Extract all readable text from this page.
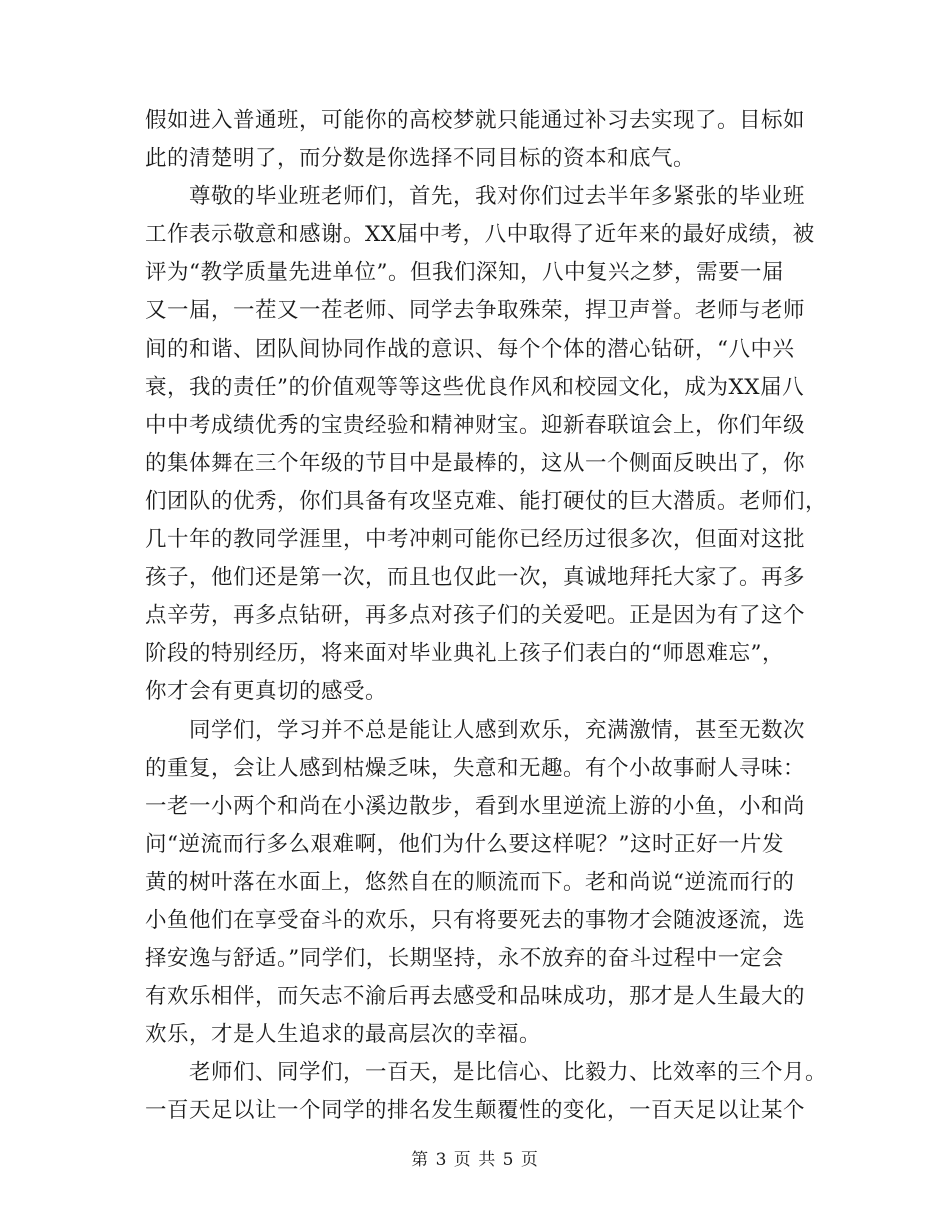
假如进入普通班，可能你的高校梦就只能通过补习去实现了。目标如
此的清楚明了，而分数是你选择不同目标的资本和底气。
尊敬的毕业班老师们，首先，我对你们过去半年多紧张的毕业班
工作表示敬意和感谢。XX届中考，八中取得了近年来的最好成绩，被
评为“教学质量先进单位”。但我们深知，八中复兴之梦，需要一届
又一届，一茬又一茬老师、同学去争取殊荣，捍卫声誉。老师与老师
间的和谐、团队间协同作战的意识、每个个体的潜心钻研，“八中兴
衰，我的责任”的价值观等等这些优良作风和校园文化，成为XX届八
中中考成绩优秀的宝贵经验和精神财宝。迎新春联谊会上，你们年级
的集体舞在三个年级的节目中是最棒的，这从一个侧面反映出了，你
们团队的优秀，你们具备有攻坚克难、能打硬仗的巨大潜质。老师们，
几十年的教同学涯里，中考冲刺可能你已经历过很多次，但面对这批
孩子，他们还是第一次，而且也仅此一次，真诚地拜托大家了。再多
点辛劳，再多点钻研，再多点对孩子们的关爱吧。正是因为有了这个
阶段的特别经历，将来面对毕业典礼上孩子们表白的“师恩难忘”，
你才会有更真切的感受。
同学们，学习并不总是能让人感到欢乐，充满激情，甚至无数次
的重复，会让人感到枯燥乏味，失意和无趣。有个小故事耐人寻味：
一老一小两个和尚在小溪边散步，看到水里逆流上游的小鱼，小和尚
问“逆流而行多么艰难啊，他们为什么要这样呢？”这时正好一片发
黄的树叶落在水面上，悠然自在的顺流而下。老和尚说“逆流而行的
小鱼他们在享受奋斗的欢乐，只有将要死去的事物才会随波逐流，选
择安逸与舒适。”同学们，长期坚持，永不放弃的奋斗过程中一定会
有欢乐相伴，而矢志不渝后再去感受和品味成功，那才是人生最大的
欢乐，才是人生追求的最高层次的幸福。
老师们、同学们，一百天，是比信心、比毅力、比效率的三个月。
一百天足以让一个同学的排名发生颠覆性的变化，一百天足以让某个
第 3 页 共 5 页
